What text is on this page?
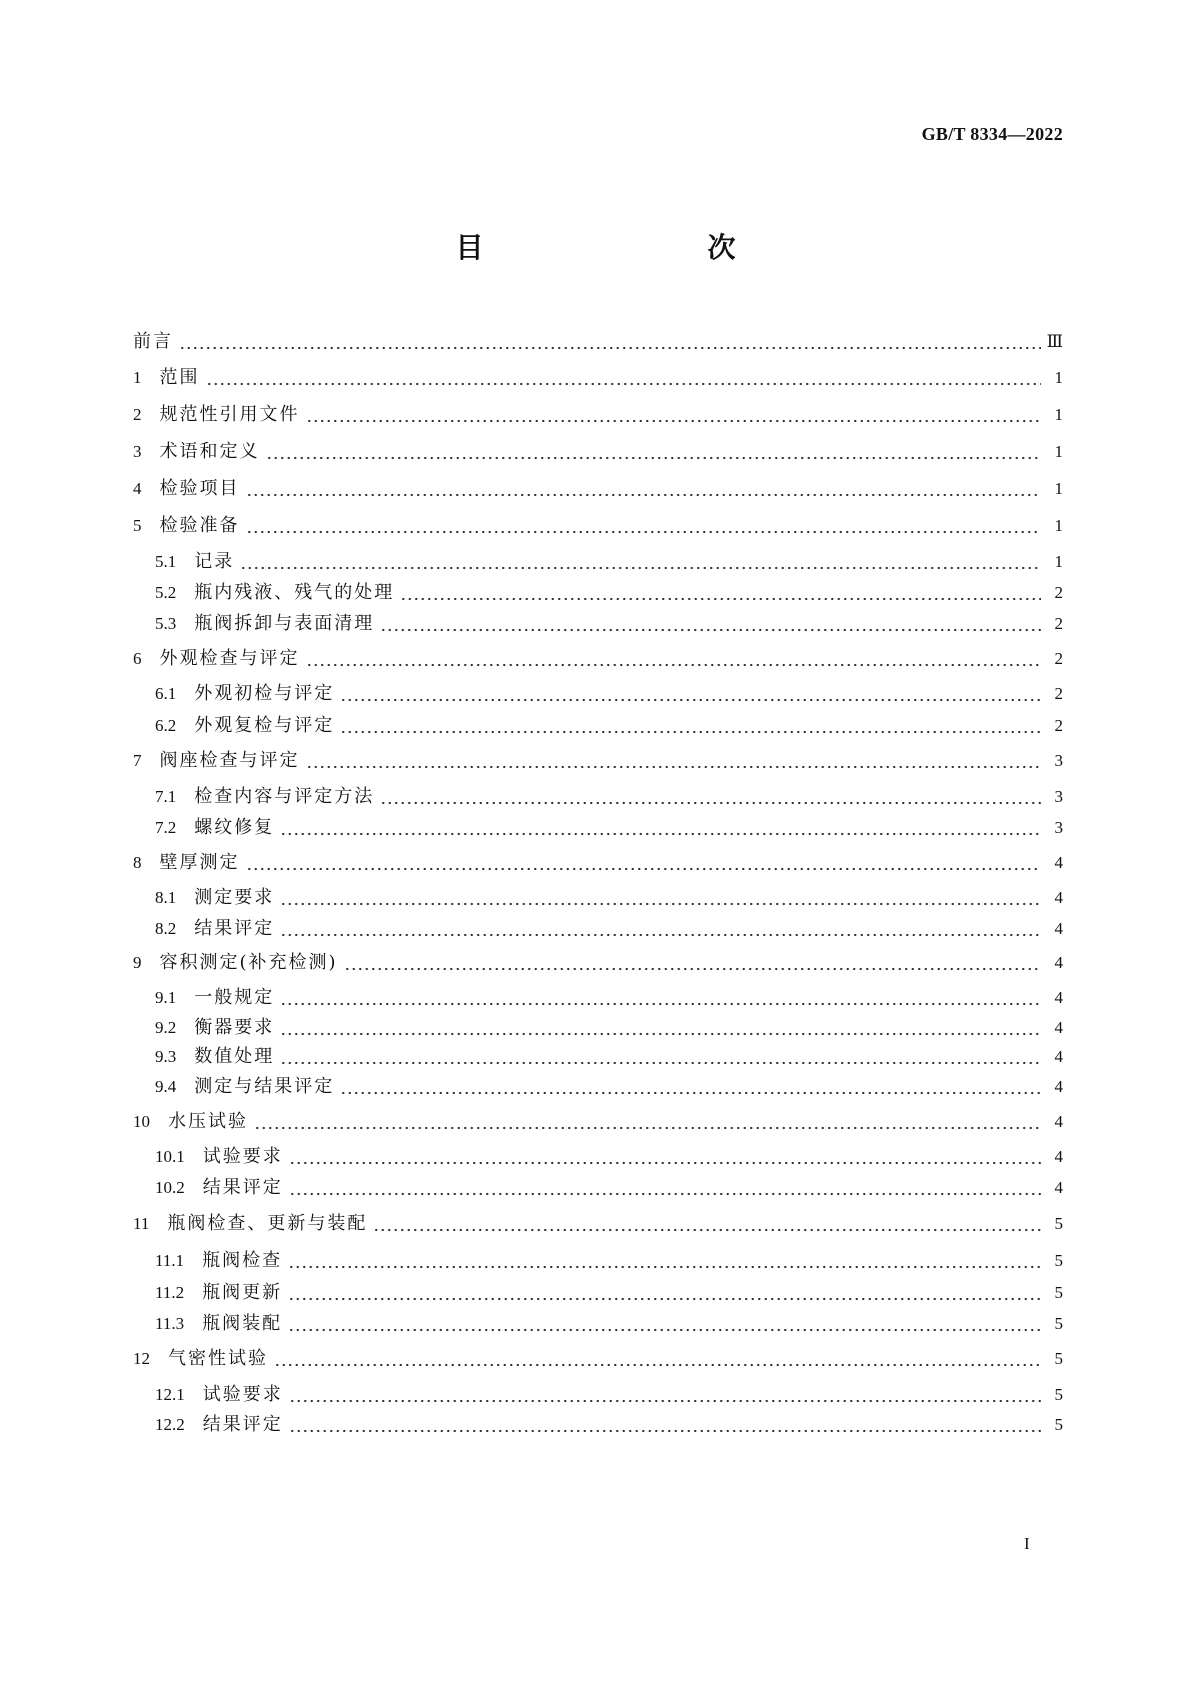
GB/T 8334—2022
目　　次
前言	Ⅲ
1 范围	1
2 规范性引用文件	1
3 术语和定义	1
4 检验项目	1
5 检验准备	1
5.1 记录	1
5.2 瓶内残液、残气的处理	2
5.3 瓶阀拆卸与表面清理	2
6 外观检查与评定	2
6.1 外观初检与评定	2
6.2 外观复检与评定	2
7 阀座检查与评定	3
7.1 检查内容与评定方法	3
7.2 螺纹修复	3
8 壁厚测定	4
8.1 测定要求	4
8.2 结果评定	4
9 容积测定(补充检测)	4
9.1 一般规定	4
9.2 衡器要求	4
9.3 数值处理	4
9.4 测定与结果评定	4
10 水压试验	4
10.1 试验要求	4
10.2 结果评定	4
11 瓶阀检查、更新与装配	5
11.1 瓶阀检查	5
11.2 瓶阀更新	5
11.3 瓶阀装配	5
12 气密性试验	5
12.1 试验要求	5
12.2 结果评定	5
I
